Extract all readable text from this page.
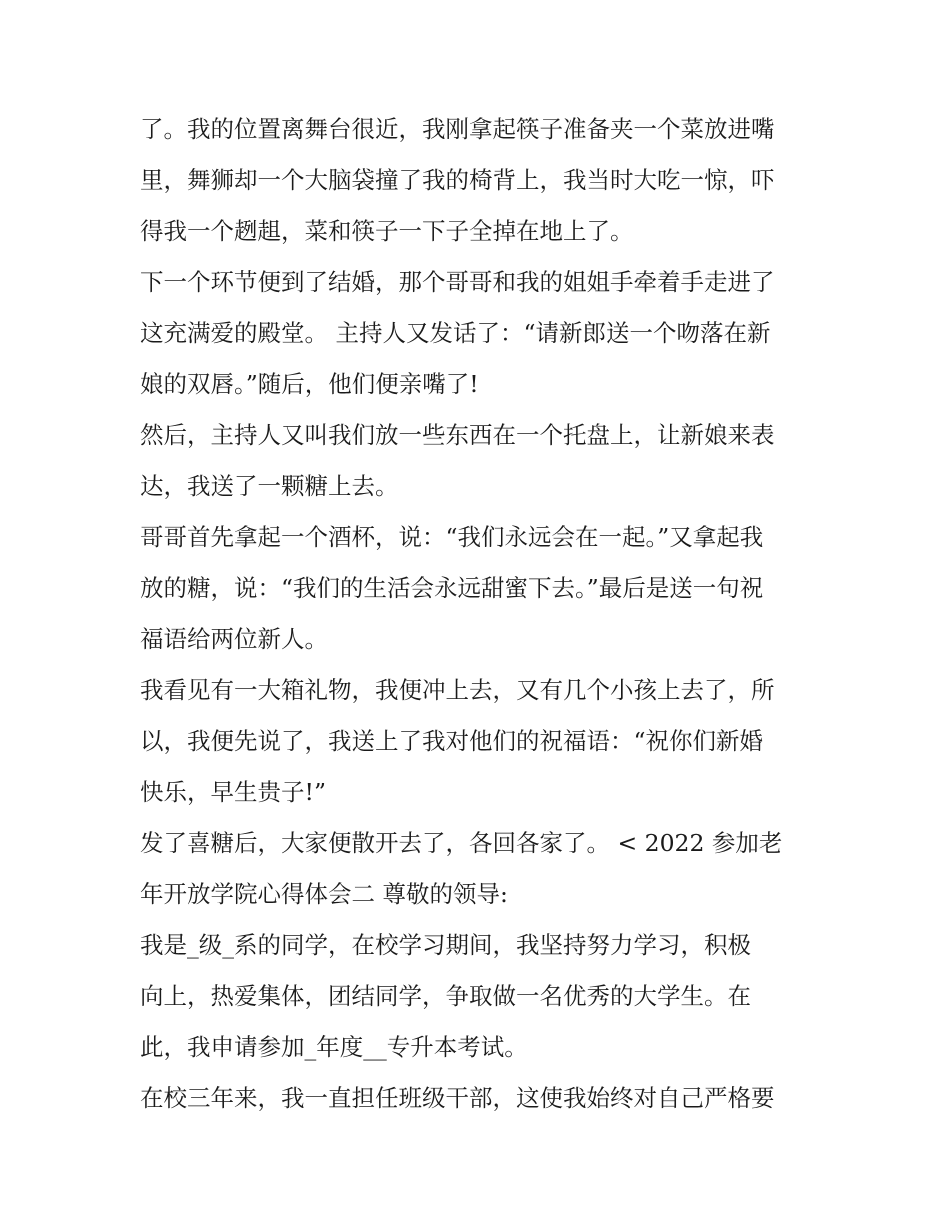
了。我的位置离舞台很近，我刚拿起筷子准备夹一个菜放进嘴
里，舞狮却一个大脑袋撞了我的椅背上，我当时大吃一惊，吓
得我一个趔趄，菜和筷子一下子全掉在地上了。
下一个环节便到了结婚，那个哥哥和我的姐姐手牵着手走进了
这充满爱的殿堂。 主持人又发话了：“请新郎送一个吻落在新
娘的双唇。”随后，他们便亲嘴了!
然后，主持人又叫我们放一些东西在一个托盘上，让新娘来表
达，我送了一颗糖上去。
哥哥首先拿起一个酒杯，说：“我们永远会在一起。”又拿起我
放的糖，说：“我们的生活会永远甜蜜下去。”最后是送一句祝
福语给两位新人。
我看见有一大箱礼物，我便冲上去，又有几个小孩上去了，所
以，我便先说了，我送上了我对他们的祝福语：“祝你们新婚
快乐，早生贵子!”
发了喜糖后，大家便散开去了，各回各家了。 < 2022 参加老
年开放学院心得体会二 尊敬的领导:
我是_级_系的同学，在校学习期间，我坚持努力学习，积极
向上，热爱集体，团结同学，争取做一名优秀的大学生。在
此，我申请参加_年度__专升本考试。
在校三年来，我一直担任班级干部，这使我始终对自己严格要
